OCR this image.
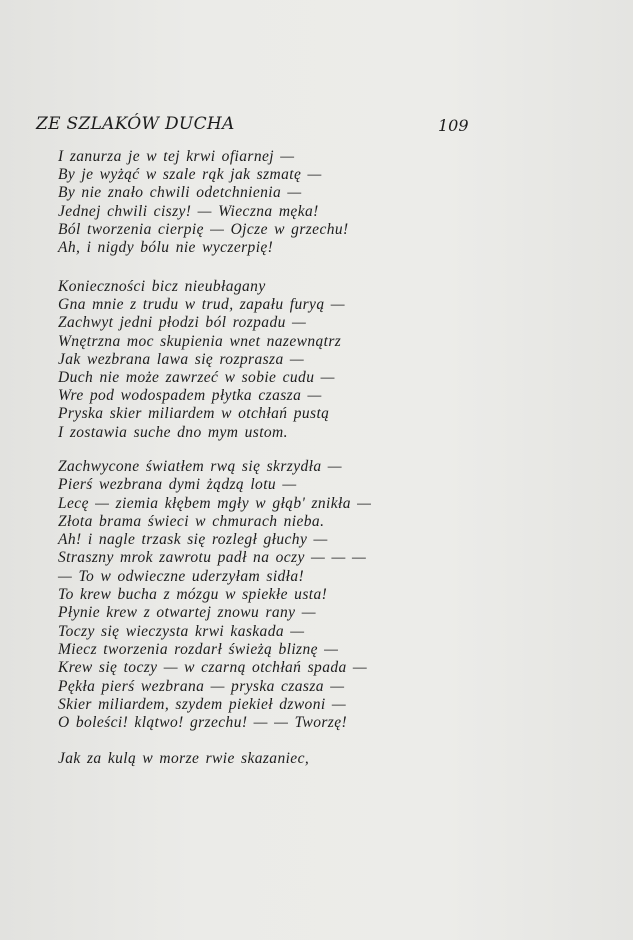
ZE SZLAKÓW DUCHA	109
I zanurza je w tej krwi ofiarnej —
By je wyżąć w szale rąk jak szmatę —
By nie znało chwili odetchnienia —
Jednej chwili ciszy! — Wieczna męka!
Ból tworzenia cierpię — Ojcze w grzechu!
Ah, i nigdy bólu nie wyczerpię!
Konieczności bicz nieubłagany
Gna mnie z trudu w trud, zapału furyą —
Zachwyt jedni płodzi ból rozpadu —
Wnętrzna moc skupienia wnet nazewnątrz
Jak wezbrana lawa się rozprasza —
Duch nie może zawrzeć w sobie cudu —
Wre pod wodospadem płytka czasza —
Pryska skier miliardem w otchłań pustą
I zostawia suche dno mym ustom.
Zachwycone światłem rwą się skrzydła —
Pierś wezbrana dymi żądzą lotu —
Lecę — ziemia kłębem mgły w głąb' znikła —
Złota brama świeci w chmurach nieba.
Ah! i nagle trzask się rozległ głuchy —
Straszny mrok zawrotu padł na oczy — — —
— To w odwieczne uderzyłam sidła!
To krew bucha z mózgu w spiekłe usta!
Płynie krew z otwartej znowu rany —
Toczy się wieczysta krwi kaskada —
Miecz tworzenia rozdarł świeżą bliznę —
Krew się toczy — w czarną otchłań spada —
Pękła pierś wezbrana — pryska czasza —
Skier miliardem, szydem piekieł dzwoni —
O boleści! klątwo! grzechu! — — Tworzę!
Jak za kulą w morze rwie skazaniec,
